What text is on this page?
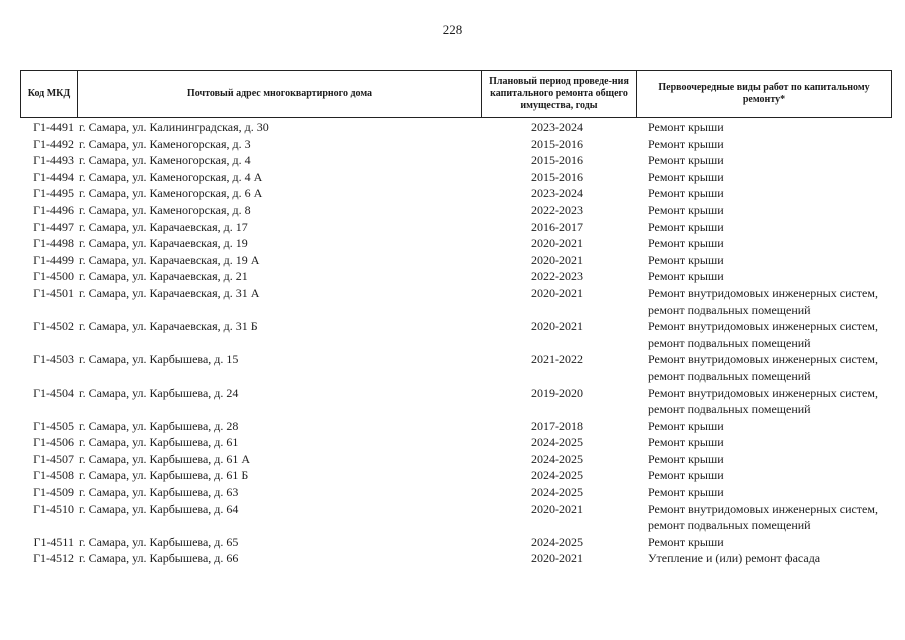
228
Код МКД	Почтовый адрес многоквартирного дома
Плановый период проведе-ния капитального ремонта общего имущества, годы
Первоочередные виды работ по капитальному ремонту*
Г1-4491 г. Самара, ул. Калининградская, д. 30	2023-2024	Ремонт крыши
Г1-4492 г. Самара, ул. Каменогорская, д. 3	2015-2016	Ремонт крыши
Г1-4493 г. Самара, ул. Каменогорская, д. 4	2015-2016	Ремонт крыши
Г1-4494 г. Самара, ул. Каменогорская, д. 4 А	2015-2016	Ремонт крыши
Г1-4495 г. Самара, ул. Каменогорская, д. 6 А	2023-2024	Ремонт крыши
Г1-4496 г. Самара, ул. Каменогорская, д. 8	2022-2023	Ремонт крыши
Г1-4497 г. Самара, ул. Карачаевская, д. 17	2016-2017	Ремонт крыши
Г1-4498 г. Самара, ул. Карачаевская, д. 19	2020-2021	Ремонт крыши
Г1-4499 г. Самара, ул. Карачаевская, д. 19 А	2020-2021	Ремонт крыши
Г1-4500 г. Самара, ул. Карачаевская, д. 21	2022-2023	Ремонт крыши
Г1-4501 г. Самара, ул. Карачаевская, д. 31 А	2020-2021	Ремонт внутридомовых инженерных систем,
ремонт подвальных помещений
Г1-4502 г. Самара, ул. Карачаевская, д. 31 Б	2020-2021	Ремонт внутридомовых инженерных систем,
ремонт подвальных помещений
Г1-4503 г. Самара, ул. Карбышева, д. 15	2021-2022	Ремонт внутридомовых инженерных систем,
ремонт подвальных помещений
Г1-4504 г. Самара, ул. Карбышева, д. 24	2019-2020	Ремонт внутридомовых инженерных систем,
ремонт подвальных помещений
Г1-4505 г. Самара, ул. Карбышева, д. 28	2017-2018	Ремонт крыши
Г1-4506 г. Самара, ул. Карбышева, д. 61	2024-2025	Ремонт крыши
Г1-4507 г. Самара, ул. Карбышева, д. 61 А	2024-2025	Ремонт крыши
Г1-4508 г. Самара, ул. Карбышева, д. 61 Б	2024-2025	Ремонт крыши
Г1-4509 г. Самара, ул. Карбышева, д. 63	2024-2025	Ремонт крыши
Г1-4510 г. Самара, ул. Карбышева, д. 64	2020-2021	Ремонт внутридомовых инженерных систем,
ремонт подвальных помещений
Г1-4511 г. Самара, ул. Карбышева, д. 65	2024-2025	Ремонт крыши
Г1-4512 г. Самара, ул. Карбышева, д. 66	2020-2021	Утепление и (или) ремонт фасада
